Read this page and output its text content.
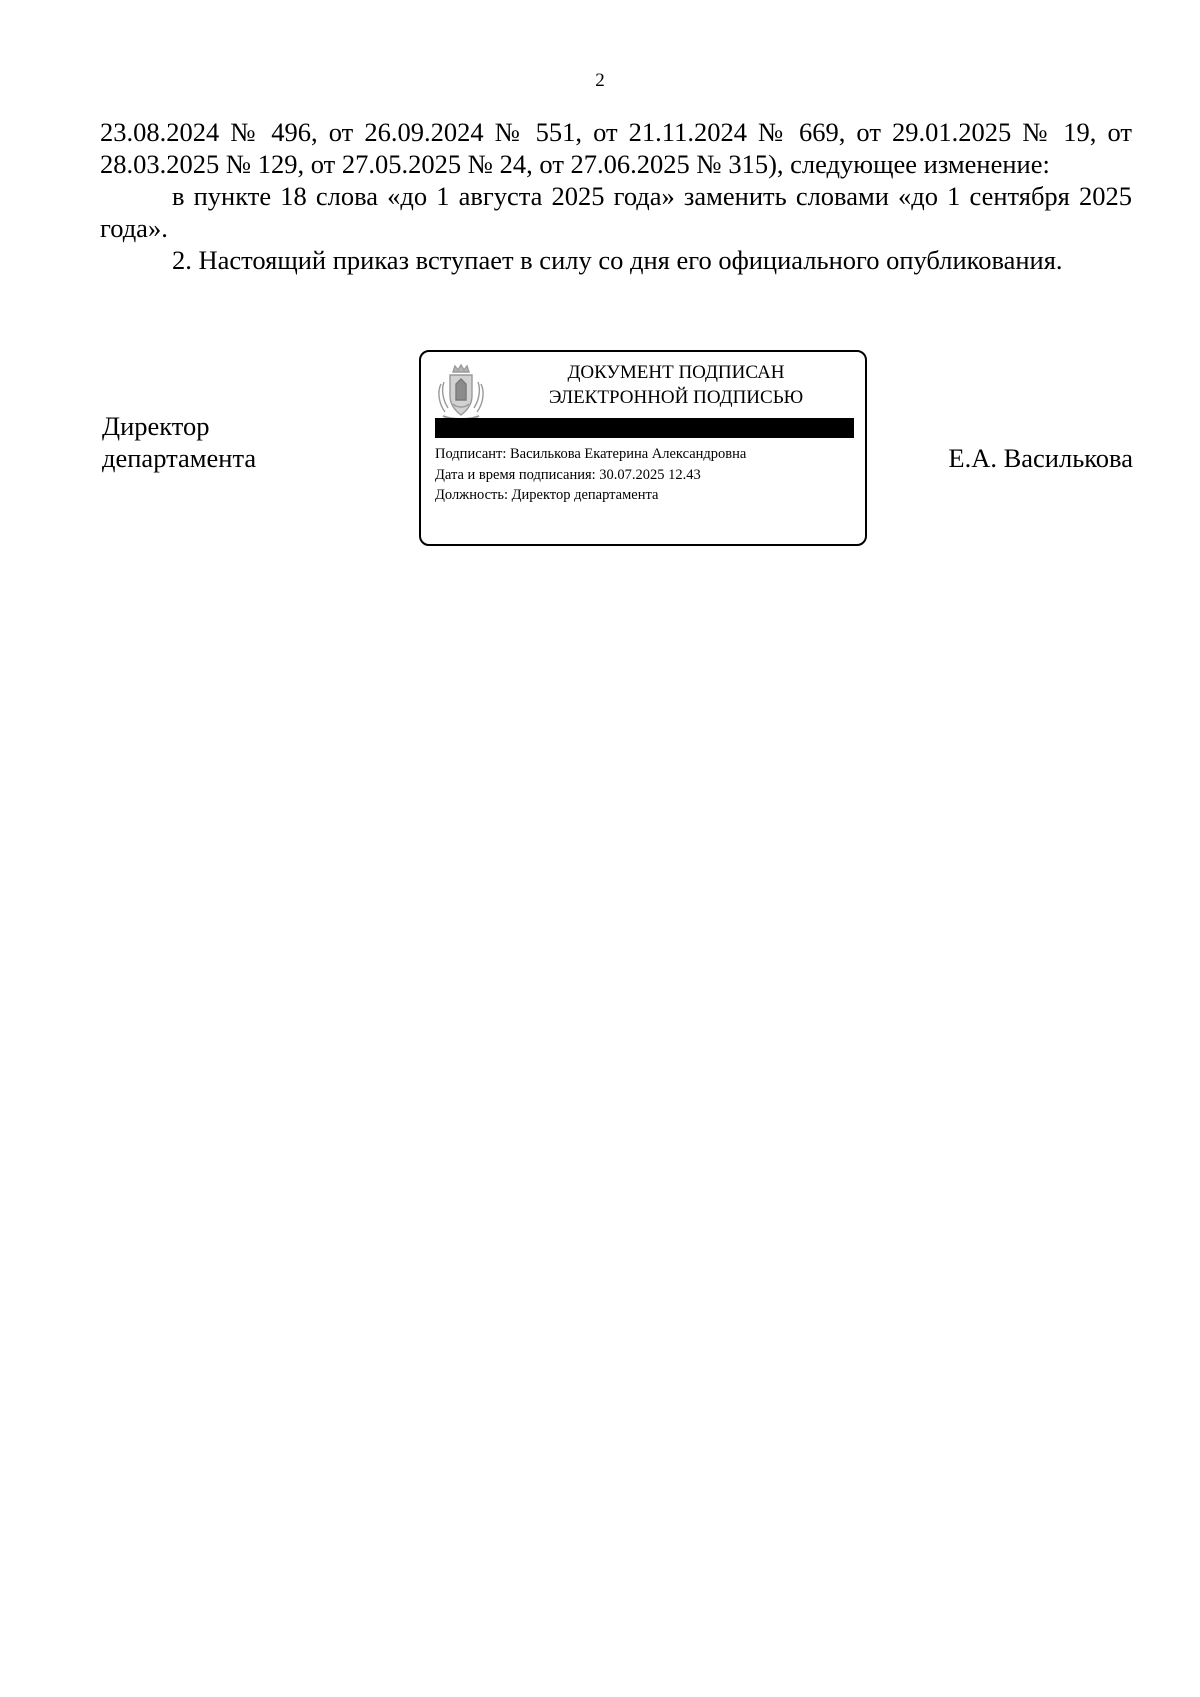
2

23.08.2024 № 496, от 26.09.2024 № 551, от 21.11.2024 № 669, от 29.01.2025 № 19, от 28.03.2025 № 129, от 27.05.2025 № 24, от 27.06.2025 № 315), следующее изменение:

в пункте 18 слова «до 1 августа 2025 года» заменить словами «до 1 сентября 2025 года».

2. Настоящий приказ вступает в силу со дня его официального опубликования.

Директор
департамента
ДОКУМЕНТ ПОДПИСАН
ЭЛЕКТРОННОЙ ПОДПИСЬЮ
Подписант: Василькова Екатерина Александровна
Дата и время подписания: 30.07.2025 12.43
Должность: Директор департамента
Е.А. Василькова
